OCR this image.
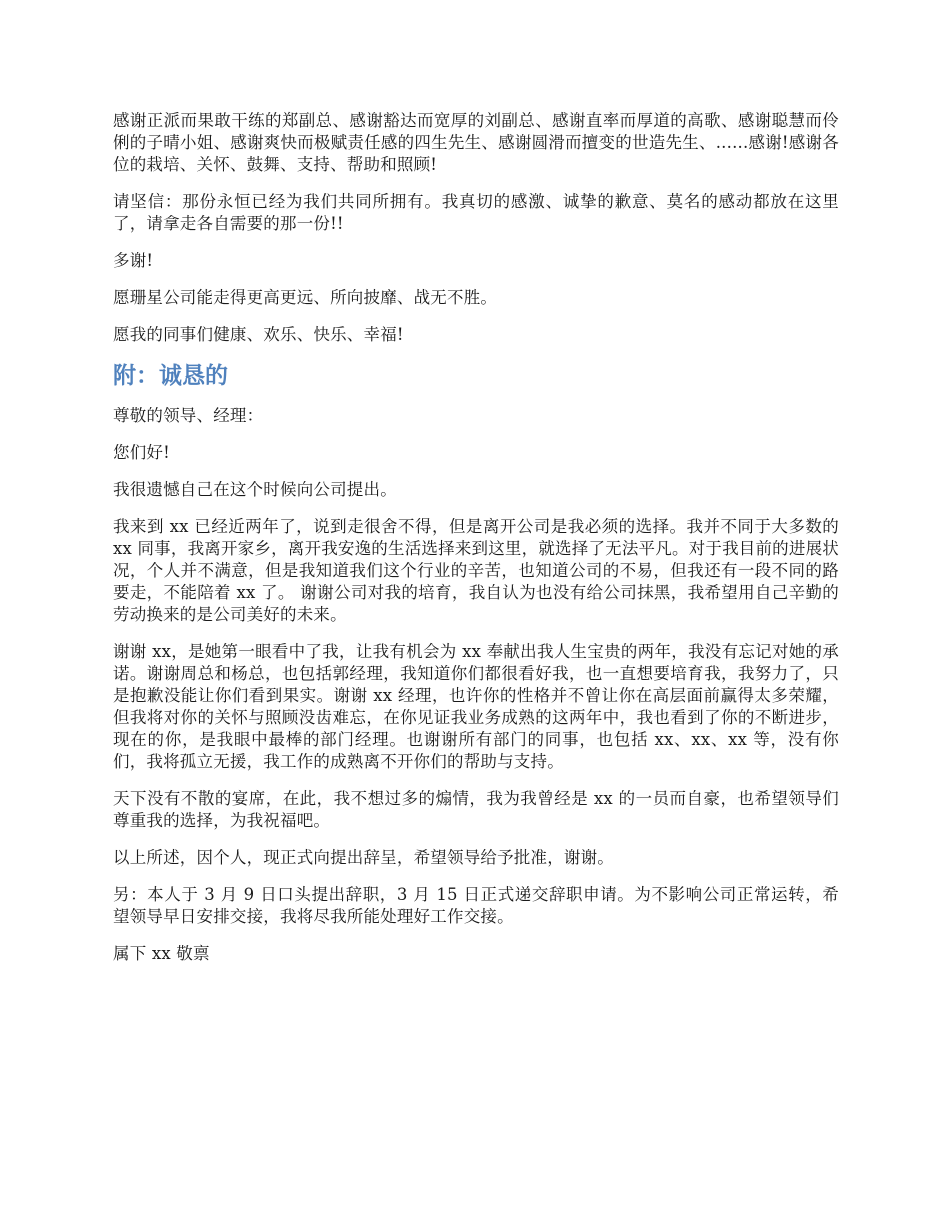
感谢正派而果敢干练的郑副总、感谢豁达而宽厚的刘副总、感谢直率而厚道的高歌、感谢聪慧而伶俐的子晴小姐、感谢爽快而极赋责任感的四生先生、感谢圆滑而擅变的世造先生、......感谢!感谢各位的栽培、关怀、鼓舞、支持、帮助和照顾!

请坚信：那份永恒已经为我们共同所拥有。我真切的感激、诚挚的歉意、莫名的感动都放在这里了，请拿走各自需要的那一份!!

多谢!

愿珊星公司能走得更高更远、所向披靡、战无不胜。

愿我的同事们健康、欢乐、快乐、幸福!

附：诚恳的

尊敬的领导、经理：

您们好!

我很遗憾自己在这个时候向公司提出。

我来到 xx 已经近两年了，说到走很舍不得，但是离开公司是我必须的选择。我并不同于大多数的 xx 同事，我离开家乡，离开我安逸的生活选择来到这里，就选择了无法平凡。对于我目前的进展状况，个人并不满意，但是我知道我们这个行业的辛苦，也知道公司的不易，但我还有一段不同的路要走，不能陪着 xx 了。 谢谢公司对我的培育，我自认为也没有给公司抹黑，我希望用自己辛勤的劳动换来的是公司美好的未来。

谢谢 xx，是她第一眼看中了我，让我有机会为 xx 奉献出我人生宝贵的两年，我没有忘记对她的承诺。谢谢周总和杨总，也包括郭经理，我知道你们都很看好我，也一直想要培育我，我努力了，只是抱歉没能让你们看到果实。谢谢 xx 经理，也许你的性格并不曾让你在高层面前赢得太多荣耀，但我将对你的关怀与照顾没齿难忘，在你见证我业务成熟的这两年中，我也看到了你的不断进步，现在的你，是我眼中最棒的部门经理。也谢谢所有部门的同事，也包括 xx、xx、xx 等，没有你们，我将孤立无援，我工作的成熟离不开你们的帮助与支持。

天下没有不散的宴席，在此，我不想过多的煽情，我为我曾经是 xx 的一员而自豪，也希望领导们尊重我的选择，为我祝福吧。

以上所述，因个人，现正式向提出辞呈，希望领导给予批准，谢谢。

另：本人于 3 月 9 日口头提出辞职，3 月 15 日正式递交辞职申请。为不影响公司正常运转，希望领导早日安排交接，我将尽我所能处理好工作交接。

属下 xx 敬禀
